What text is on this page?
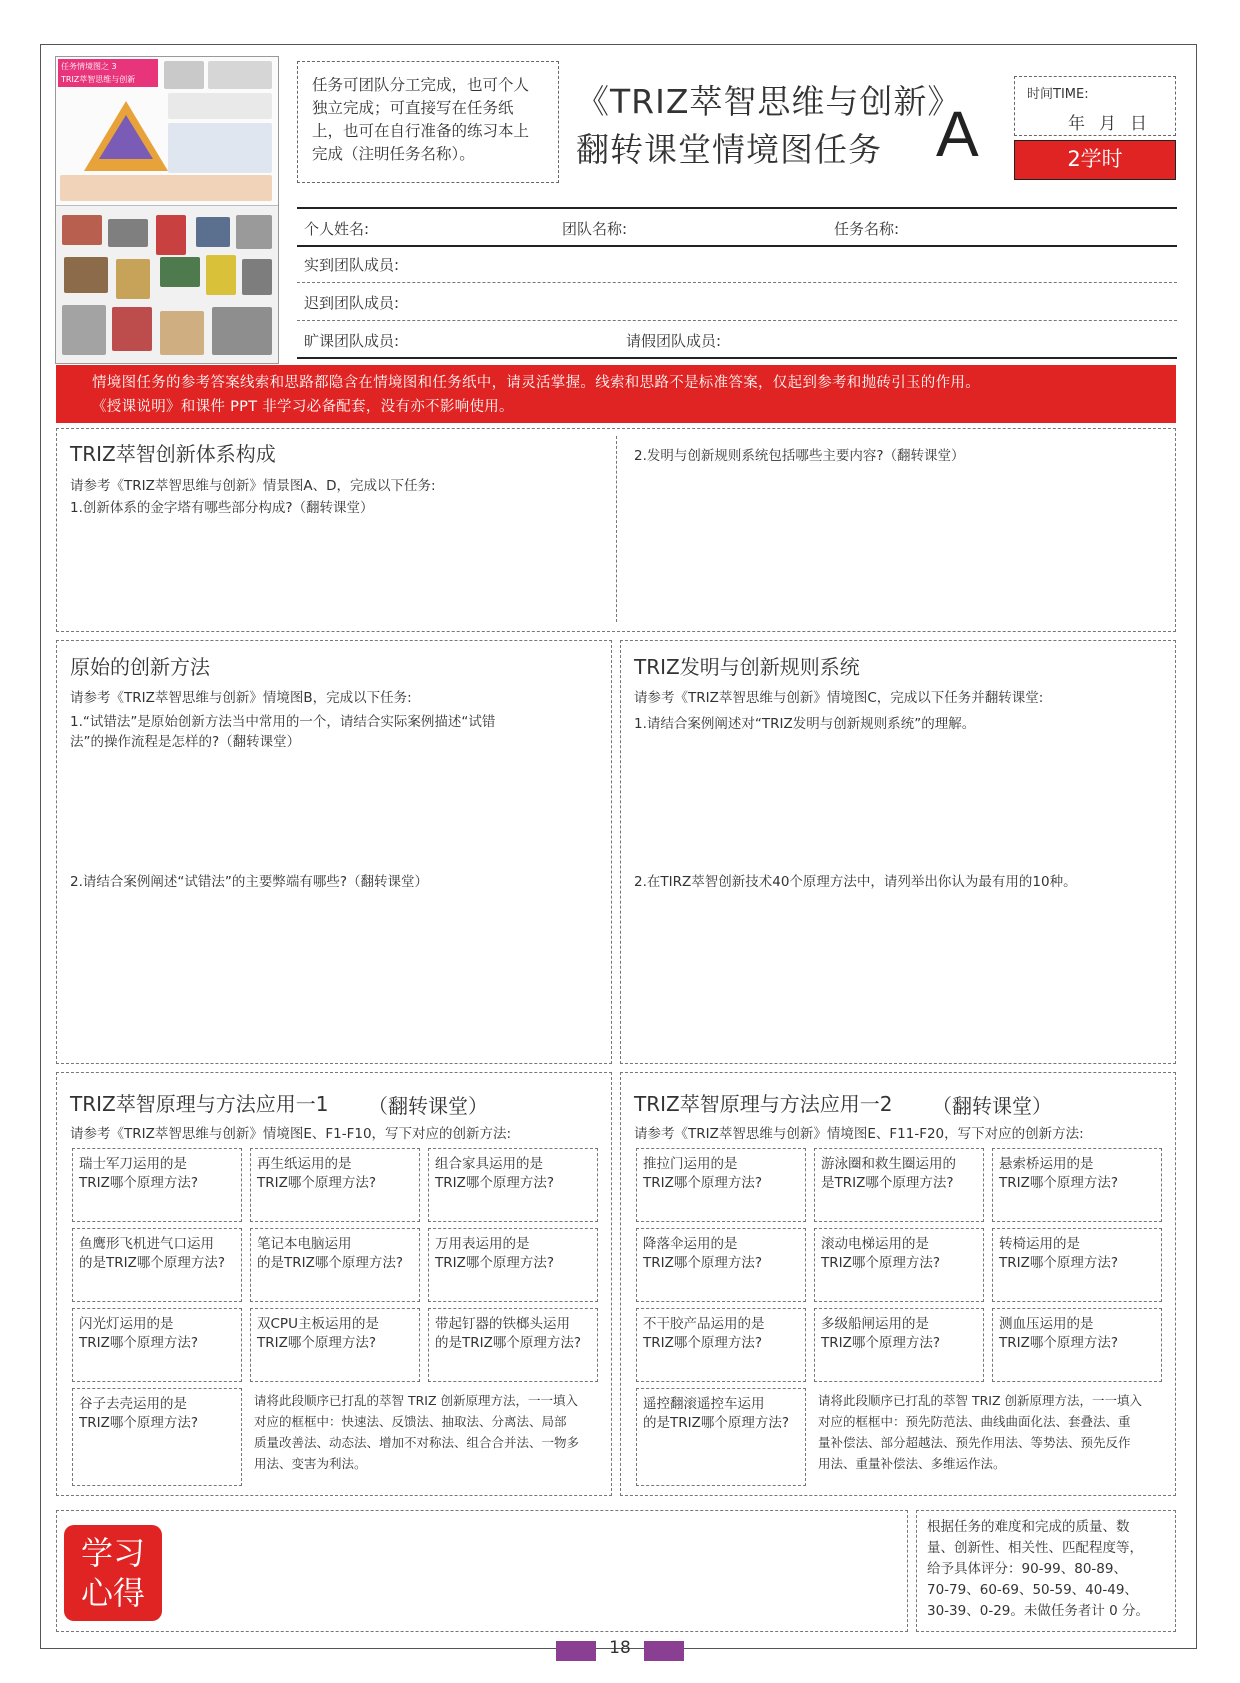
任务情境图之 3
TRIZ萃智思维与创新	任务可团队分工完成，也可个人独立完成；可直接写在任务纸上，也可在自行准备的练习本上完成（注明任务名称）。
《TRIZ萃智思维与创新》
翻转课堂情境图任务 A
时间TIME:
年月日
2学时
个人姓名:	团队名称:	任务名称:
实到团队成员:
迟到团队成员:
旷课团队成员:	请假团队成员:
情境图任务的参考答案线索和思路都隐含在情境图和任务纸中，请灵活掌握。线索和思路不是标准答案，仅起到参考和抛砖引玉的作用。
《授课说明》和课件 PPT 非学习必备配套，没有亦不影响使用。
TRIZ萃智创新体系构成
请参考《TRIZ萃智思维与创新》情景图A、D，完成以下任务:
1.创新体系的金字塔有哪些部分构成?（翻转课堂）
2.发明与创新规则系统包括哪些主要内容?（翻转课堂）
原始的创新方法
请参考《TRIZ萃智思维与创新》情境图B，完成以下任务:
1.“试错法”是原始创新方法当中常用的一个，请结合实际案例描述“试错
法”的操作流程是怎样的?（翻转课堂）
2.请结合案例阐述“试错法”的主要弊端有哪些?（翻转课堂）
TRIZ发明与创新规则系统
请参考《TRIZ萃智思维与创新》情境图C，完成以下任务并翻转课堂:
1.请结合案例阐述对“TRIZ发明与创新规则系统”的理解。
2.在TIRZ萃智创新技术40个原理方法中，请列举出你认为最有用的10种。
TRIZ萃智原理与方法应用一1 （翻转课堂）
请参考《TRIZ萃智思维与创新》情境图E、F1-F10，写下对应的创新方法:
瑞士军刀运用的是
TRIZ哪个原理方法?
再生纸运用的是
TRIZ哪个原理方法?
组合家具运用的是
TRIZ哪个原理方法?
鱼鹰形飞机进气口运用
的是TRIZ哪个原理方法?
笔记本电脑运用
的是TRIZ哪个原理方法?
万用表运用的是
TRIZ哪个原理方法?
闪光灯运用的是
TRIZ哪个原理方法?
双CPU主板运用的是
TRIZ哪个原理方法?
带起钉器的铁榔头运用
的是TRIZ哪个原理方法?
谷子去壳运用的是
TRIZ哪个原理方法?
请将此段顺序已打乱的萃智 TRIZ 创新原理方法，一一填入
对应的框框中：快速法、反馈法、抽取法、分离法、局部
质量改善法、动态法、增加不对称法、组合合并法、一物多
用法、变害为利法。
TRIZ萃智原理与方法应用一2 （翻转课堂）
请参考《TRIZ萃智思维与创新》情境图E、F11-F20，写下对应的创新方法:
推拉门运用的是
TRIZ哪个原理方法?
游泳圈和救生圈运用的
是TRIZ哪个原理方法?
悬索桥运用的是
TRIZ哪个原理方法?
降落伞运用的是
TRIZ哪个原理方法?
滚动电梯运用的是
TRIZ哪个原理方法?
转椅运用的是
TRIZ哪个原理方法?
不干胶产品运用的是
TRIZ哪个原理方法?
多级船闸运用的是
TRIZ哪个原理方法?
测血压运用的是
TRIZ哪个原理方法?
遥控翻滚遥控车运用
的是TRIZ哪个原理方法?
请将此段顺序已打乱的萃智 TRIZ 创新原理方法，一一填入
对应的框框中：预先防范法、曲线曲面化法、套叠法、重
量补偿法、部分超越法、预先作用法、等势法、预先反作
用法、重量补偿法、多维运作法。
学习
心得
根据任务的难度和完成的质量、数
量、创新性、相关性、匹配程度等，
给予具体评分：90-99、80-89、
70-79、60-69、50-59、40-49、
30-39、0-29。未做任务者计 0 分。
18
